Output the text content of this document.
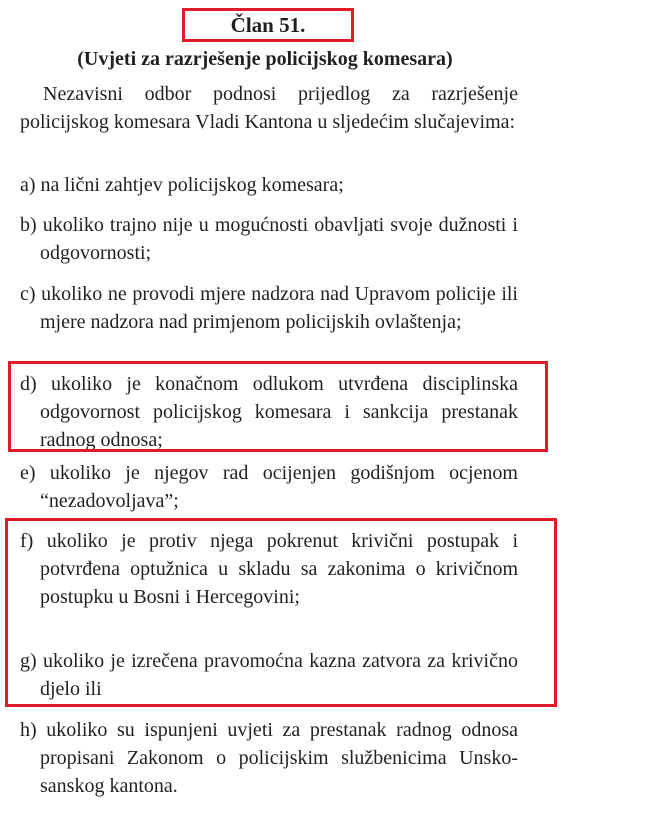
Član 51.
(Uvjeti za razrješenje policijskog komesara)
Nezavisni odbor podnosi prijedlog za razrješenje policijskog komesara Vladi Kantona u sljedećim slučajevima:
a) na lični zahtjev policijskog komesara;
b) ukoliko trajno nije u mogućnosti obavljati svoje dužnosti i odgovornosti;
c) ukoliko ne provodi mjere nadzora nad Upravom policije ili mjere nadzora nad primjenom policijskih ovlaštenja;
d) ukoliko je konačnom odlukom utvrđena disciplinska odgovornost policijskog komesara i sankcija prestanak radnog odnosa;
e) ukoliko je njegov rad ocijenjen godišnjom ocjenom “nezadovoljava”;
f) ukoliko je protiv njega pokrenut krivični postupak i potvrđena optužnica u skladu sa zakonima o krivičnom postupku u Bosni i Hercegovini;
g) ukoliko je izrečena pravomoćna kazna zatvora za krivično djelo ili
h) ukoliko su ispunjeni uvjeti za prestanak radnog odnosa propisani Zakonom o policijskim službenicima Unsko-sanskog kantona.
